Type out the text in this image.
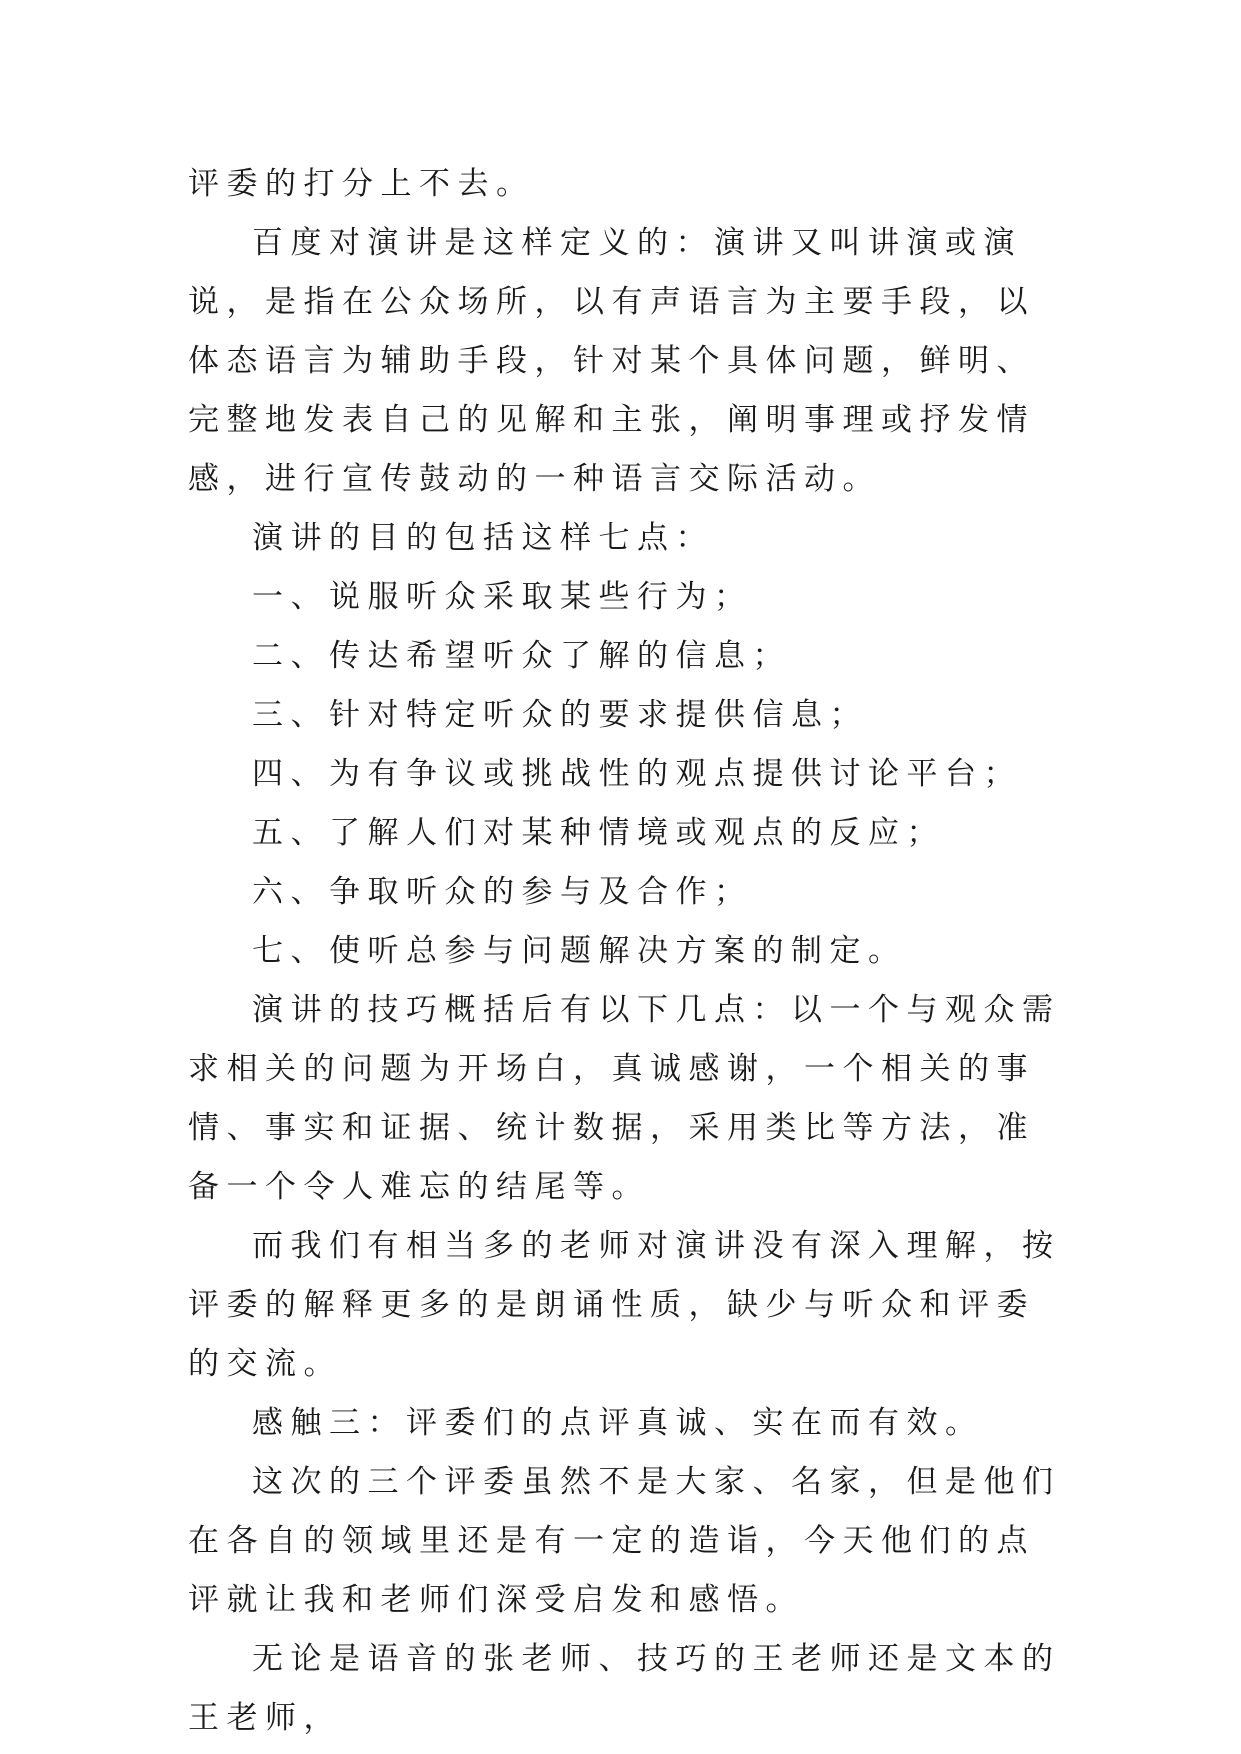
评委的打分上不去。

百度对演讲是这样定义的：演讲又叫讲演或演说，是指在公众场所，以有声语言为主要手段，以体态语言为辅助手段，针对某个具体问题，鲜明、完整地发表自己的见解和主张，阐明事理或抒发情感，进行宣传鼓动的一种语言交际活动。

演讲的目的包括这样七点：

一、说服听众采取某些行为；

二、传达希望听众了解的信息；

三、针对特定听众的要求提供信息；

四、为有争议或挑战性的观点提供讨论平台；

五、了解人们对某种情境或观点的反应；

六、争取听众的参与及合作；

七、使听总参与问题解决方案的制定。

演讲的技巧概括后有以下几点：以一个与观众需求相关的问题为开场白，真诚感谢，一个相关的事情、事实和证据、统计数据，采用类比等方法，准备一个令人难忘的结尾等。

而我们有相当多的老师对演讲没有深入理解，按评委的解释更多的是朗诵性质，缺少与听众和评委的交流。

感触三：评委们的点评真诚、实在而有效。

这次的三个评委虽然不是大家、名家，但是他们在各自的领域里还是有一定的造诣，今天他们的点评就让我和老师们深受启发和感悟。

无论是语音的张老师、技巧的王老师还是文本的王老师，
